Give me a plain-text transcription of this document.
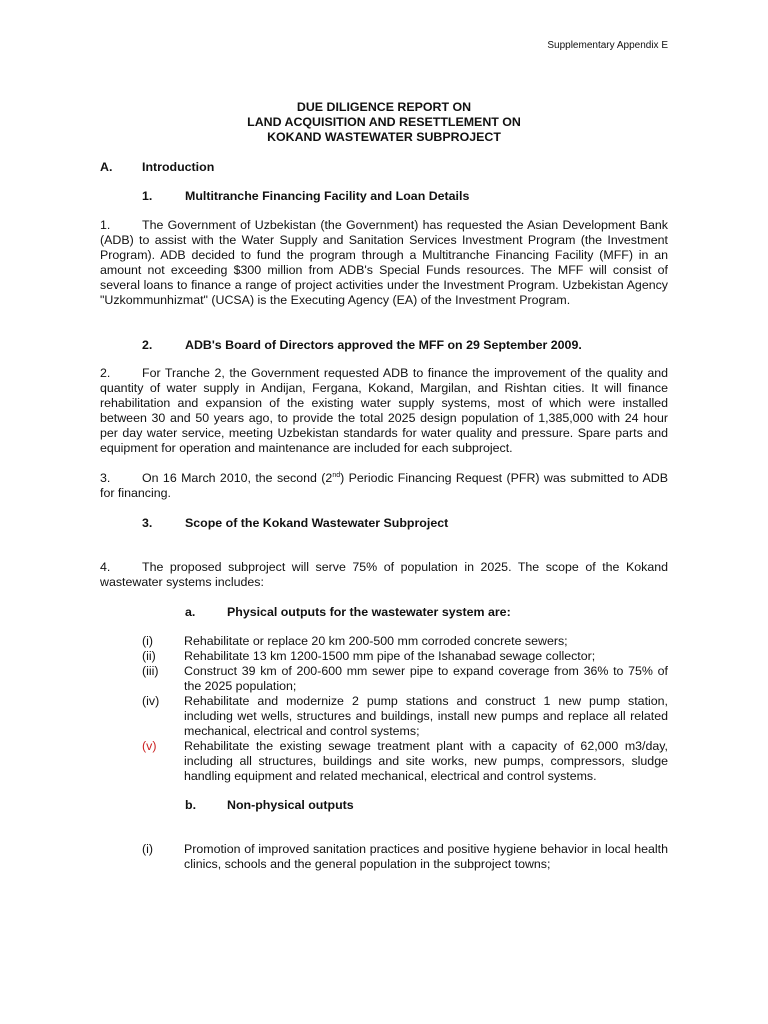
Supplementary Appendix E
DUE DILIGENCE REPORT ON
LAND ACQUISITION AND RESETTLEMENT ON
KOKAND WASTEWATER SUBPROJECT
A.	Introduction
1.	Multitranche Financing Facility and Loan Details
1.	The Government of Uzbekistan (the Government) has requested the Asian Development Bank (ADB) to assist with the Water Supply and Sanitation Services Investment Program (the Investment Program). ADB decided to fund the program through a Multitranche Financing Facility (MFF) in an amount not exceeding $300 million from ADB's Special Funds resources. The MFF will consist of several loans to finance a range of project activities under the Investment Program. Uzbekistan Agency "Uzkommunhizmat" (UCSA) is the Executing Agency (EA) of the Investment Program.
2.	ADB's Board of Directors approved the MFF on 29 September 2009.
2.	For Tranche 2, the Government requested ADB to finance the improvement of the quality and quantity of water supply in Andijan, Fergana, Kokand, Margilan, and Rishtan cities. It will finance rehabilitation and expansion of the existing water supply systems, most of which were installed between 30 and 50 years ago, to provide the total 2025 design population of 1,385,000 with 24 hour per day water service, meeting Uzbekistan standards for water quality and pressure. Spare parts and equipment for operation and maintenance are included for each subproject.
3.	On 16 March 2010, the second (2nd) Periodic Financing Request (PFR) was submitted to ADB for financing.
3.	Scope of the Kokand Wastewater Subproject
4.	The proposed subproject will serve 75% of population in 2025. The scope of the Kokand wastewater systems includes:
a.	Physical outputs for the wastewater system are:
(i)	Rehabilitate or replace 20 km 200-500 mm corroded concrete sewers;
(ii)	Rehabilitate 13 km 1200-1500 mm pipe of the Ishanabad sewage collector;
(iii)	Construct 39 km of 200-600 mm sewer pipe to expand coverage from 36% to 75% of the 2025 population;
(iv)	Rehabilitate and modernize 2 pump stations and construct 1 new pump station, including wet wells, structures and buildings, install new pumps and replace all related mechanical, electrical and control systems;
(v)	Rehabilitate the existing sewage treatment plant with a capacity of 62,000 m3/day, including all structures, buildings and site works, new pumps, compressors, sludge handling equipment and related mechanical, electrical and control systems.
b.	Non-physical outputs
(i)	Promotion of improved sanitation practices and positive hygiene behavior in local health clinics, schools and the general population in the subproject towns;
